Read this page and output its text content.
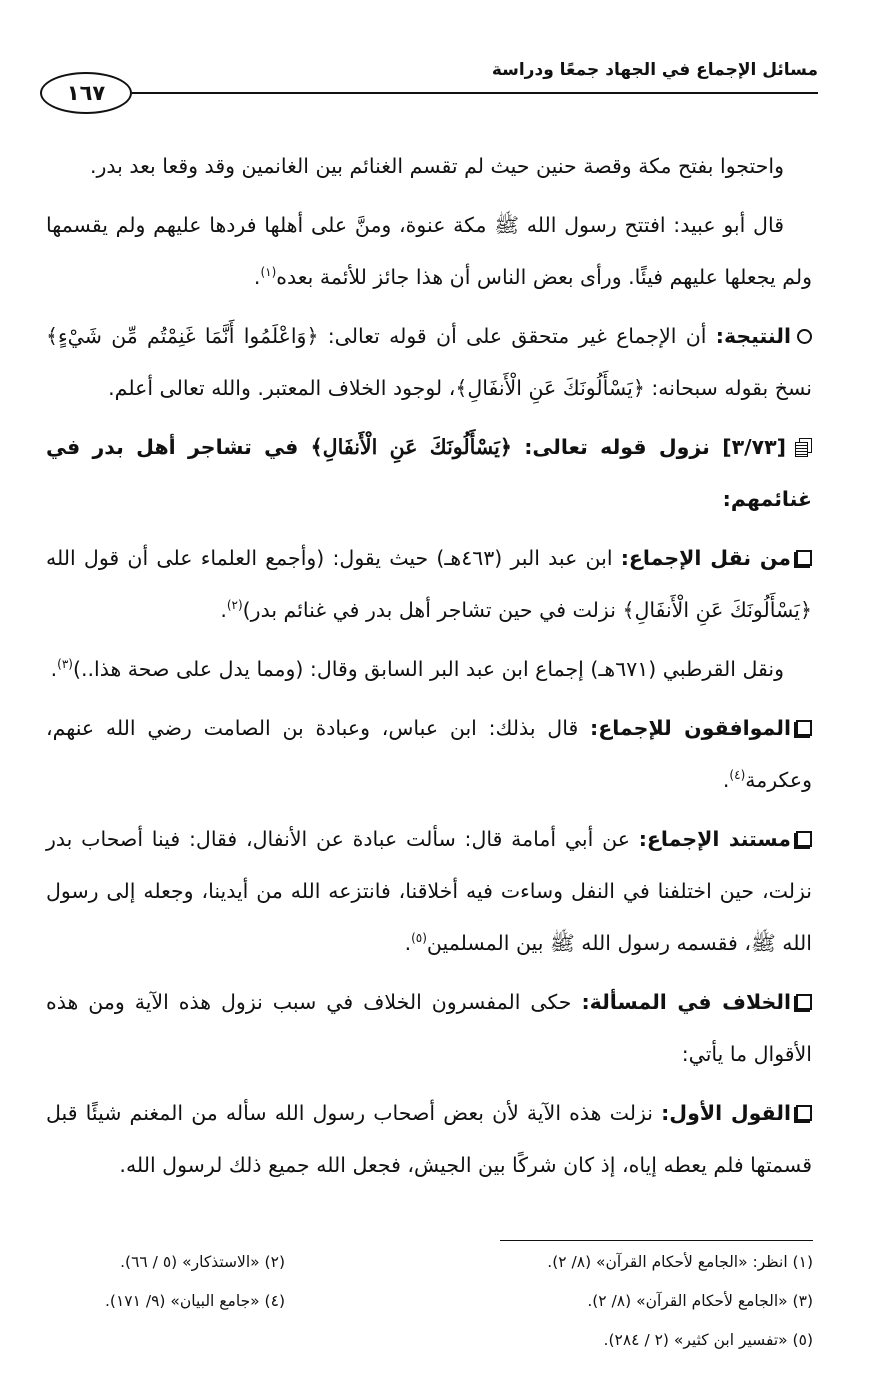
مسائل الإجماع في الجهاد جمعًا ودراسة
١٦٧

واحتجوا بفتح مكة وقصة حنين حيث لم تقسم الغنائم بين الغانمين وقد وقعا بعد بدر.

قال أبو عبيد: افتتح رسول الله ﷺ مكة عنوة، ومنَّ على أهلها فردها عليهم ولم يقسمها ولم يجعلها عليهم فيئًا. ورأى بعض الناس أن هذا جائز للأئمة بعده$^{(١)}$.

النتيجة: أن الإجماع غير متحقق على أن قوله تعالى: ﴿وَاعْلَمُوا أَنَّمَا غَنِمْتُم مِّن شَيْءٍ﴾ نسخ بقوله سبحانه: ﴿يَسْأَلُونَكَ عَنِ الْأَنفَالِ﴾، لوجود الخلاف المعتبر. والله تعالى أعلم.

[٣/٧٣] نزول قوله تعالى: ﴿يَسْأَلُونَكَ عَنِ الْأَنفَالِ﴾ في تشاجر أهل بدر في غنائمهم:

من نقل الإجماع: ابن عبد البر (٤٦٣هـ) حيث يقول: (وأجمع العلماء على أن قول الله ﴿يَسْأَلُونَكَ عَنِ الْأَنفَالِ﴾ نزلت في حين تشاجر أهل بدر في غنائم بدر)$^{(٢)}$.

ونقل القرطبي (٦٧١هـ) إجماع ابن عبد البر السابق وقال: (ومما يدل على صحة هذا..)$^{(٣)}$.

الموافقون للإجماع: قال بذلك: ابن عباس، وعبادة بن الصامت رضي الله عنهم، وعكرمة$^{(٤)}$.

مستند الإجماع: عن أبي أمامة قال: سألت عبادة عن الأنفال، فقال: فينا أصحاب بدر نزلت، حين اختلفنا في النفل وساءت فيه أخلاقنا، فانتزعه الله من أيدينا، وجعله إلى رسول الله ﷺ، فقسمه رسول الله ﷺ بين المسلمين$^{(٥)}$.

الخلاف في المسألة: حكى المفسرون الخلاف في سبب نزول هذه الآية ومن هذه الأقوال ما يأتي:

القول الأول: نزلت هذه الآية لأن بعض أصحاب رسول الله سأله من المغنم شيئًا قبل قسمتها فلم يعطه إياه، إذ كان شركًا بين الجيش، فجعل الله جميع ذلك لرسول الله.

(١) انظر: «الجامع لأحكام القرآن» (٨/ ٢).
(٢) «الاستذكار» (٥ / ٦٦).
(٣) «الجامع لأحكام القرآن» (٨/ ٢).
(٤) «جامع البيان» (٩/ ١٧١).
(٥) «تفسير ابن كثير» (٢ / ٢٨٤).
